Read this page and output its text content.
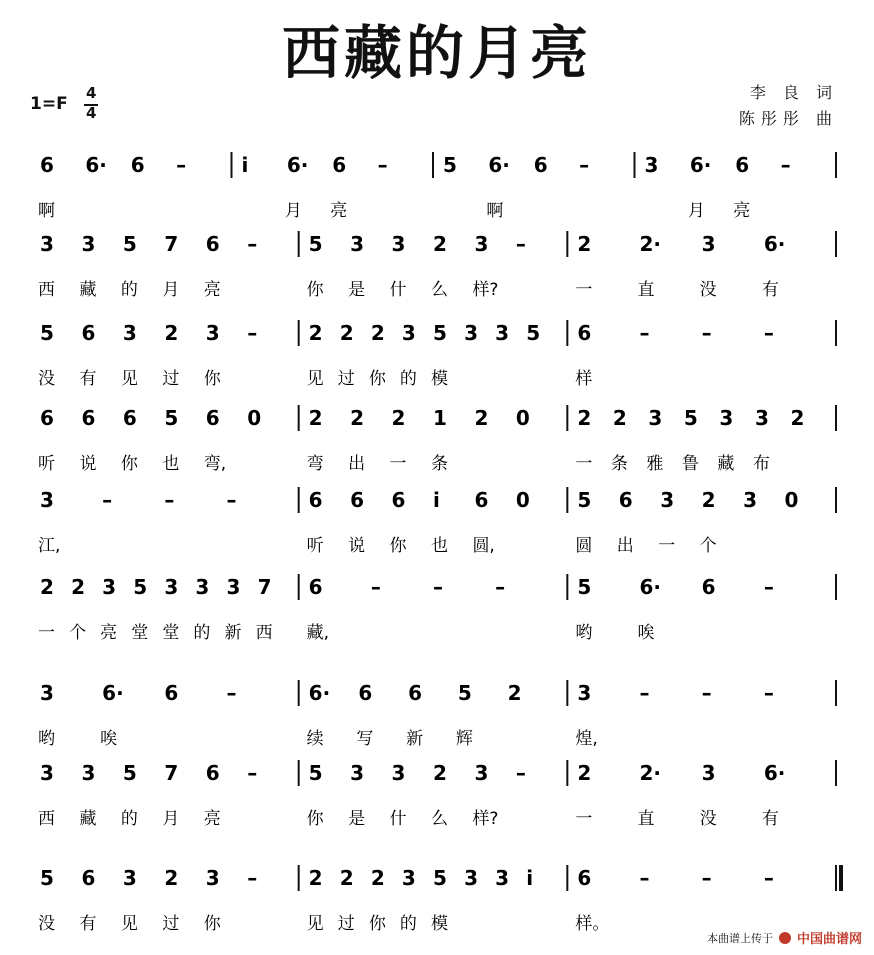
西藏的月亮
1=F
4
4
李 良 词
陈彤彤 曲
6
啊
6· 6 –	i 6·
月
6
亮
–	5 6·
啊
6 –	3 6·
月
6
亮
–
3
西
3
藏
5
的
7
月
6
亮
–	5
你
3
是
3
什
2
么
3
样?
–	2
一
2·
直
3
没
6·
有
5
没
6
有
3
见
2
过
3
你
–	2
见
2
过
2
你
3
的
5
模
3 3 5 6
样
–	–	–
6
听
6
说
6
你
5
也
6
弯,
0 2
弯
2
出
2
一
1
条
2 0 2
一
2
条
3
雅
5
鲁
3
藏
3
布
2
3
江,
–	–	–	6
听
6
说
6
你
i
也
6
圆,
0 5
圆
6
出
3
一
2
个
3 0
2
一
2
个
3
亮
5
堂
3
堂
3
的
3
新
7
西
6
藏,
–	–	–	5
哟
6·
唉
6 –
3
哟
6·
唉
6 –	6·
续
6
写
6
新
5
辉
2	3
煌,
–	–	–
3
西
3
藏
5
的
7
月
6
亮
–	5
你
3
是
3
什
2
么
3
样?
–	2
一
2·
直
3
没
6·
有
5
没
6
有
3
见
2
过
3
你
–	2
见
2
过
2
你
3
的
5
模
3 3 i 6
样。
–	–	–
本曲谱上传于 中国曲谱网
